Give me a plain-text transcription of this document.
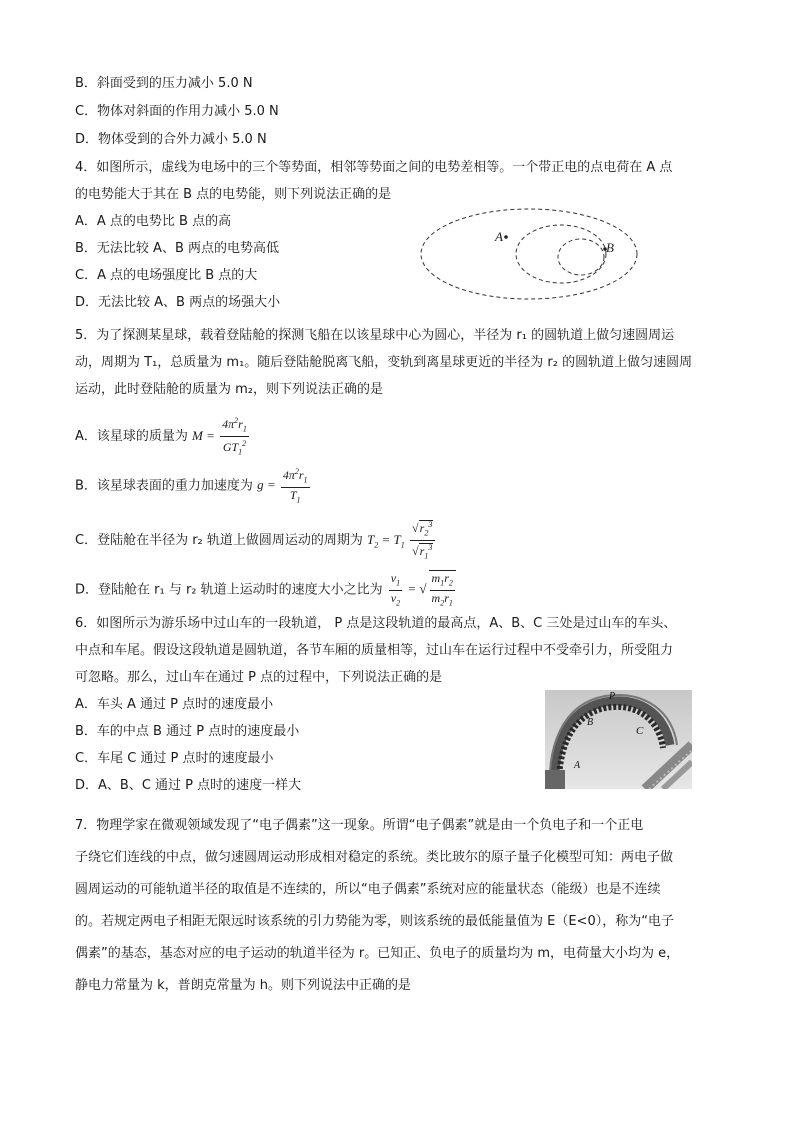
B．斜面受到的压力减小 5.0 N
C．物体对斜面的作用力减小 5.0 N
D．物体受到的合外力减小 5.0 N
4．如图所示，虚线为电场中的三个等势面，相邻等势面之间的电势差相等。一个带正电的点电荷在 A 点
的电势能大于其在 B 点的电势能，则下列说法正确的是
A．A 点的电势比 B 点的高
B．无法比较 A、B 两点的电势高低
C．A 点的电场强度比 B 点的大
D．无法比较 A、B 两点的场强大小
A
B
5．为了探测某星球，载着登陆舱的探测飞船在以该星球中心为圆心，半径为 r₁ 的圆轨道上做匀速圆周运
动，周期为 T₁，总质量为 m₁。随后登陆舱脱离飞船，变轨到离星球更近的半径为 r₂ 的圆轨道上做匀速圆周
运动，此时登陆舱的质量为 m₂，则下列说法正确的是
A．该星球的质量为 $M = \frac{4\pi^2r_1}{GT_1^2}$
B．该星球表面的重力加速度为 $g = \frac{4\pi^2r_1}{T_1}$
C．登陆舱在半径为 r₂ 轨道上做圆周运动的周期为 $T_2 = T_1 \frac{√r_2^3}{√r_1^3}$
D．登陆舱在 r₁ 与 r₂ 轨道上运动时的速度大小之比为 $\frac{v_1}{v_2}$ = √ $\frac{m_1r_2}{m_2r_1}$
6．如图所示为游乐场中过山车的一段轨道， P 点是这段轨道的最高点，A、B、C 三处是过山车的车头、
中点和车尾。假设这段轨道是圆轨道，各节车厢的质量相等，过山车在运行过程中不受牵引力，所受阻力
可忽略。那么，过山车在通过 P 点的过程中，下列说法正确的是
A．车头 A 通过 P 点时的速度最小
B．车的中点 B 通过 P 点时的速度最小
C．车尾 C 通过 P 点时的速度最小
D．A、B、C 通过 P 点时的速度一样大
P
B
C
A
7．物理学家在微观领域发现了“电子偶素”这一现象。所谓“电子偶素”就是由一个负电子和一个正电
子绕它们连线的中点，做匀速圆周运动形成相对稳定的系统。类比玻尔的原子量子化模型可知：两电子做
圆周运动的可能轨道半径的取值是不连续的，所以“电子偶素”系统对应的能量状态（能级）也是不连续
的。若规定两电子相距无限远时该系统的引力势能为零，则该系统的最低能量值为 E（E<0），称为“电子
偶素”的基态，基态对应的电子运动的轨道半径为 r。已知正、负电子的质量均为 m，电荷量大小均为 e，
静电力常量为 k，普朗克常量为 h。则下列说法中正确的是
